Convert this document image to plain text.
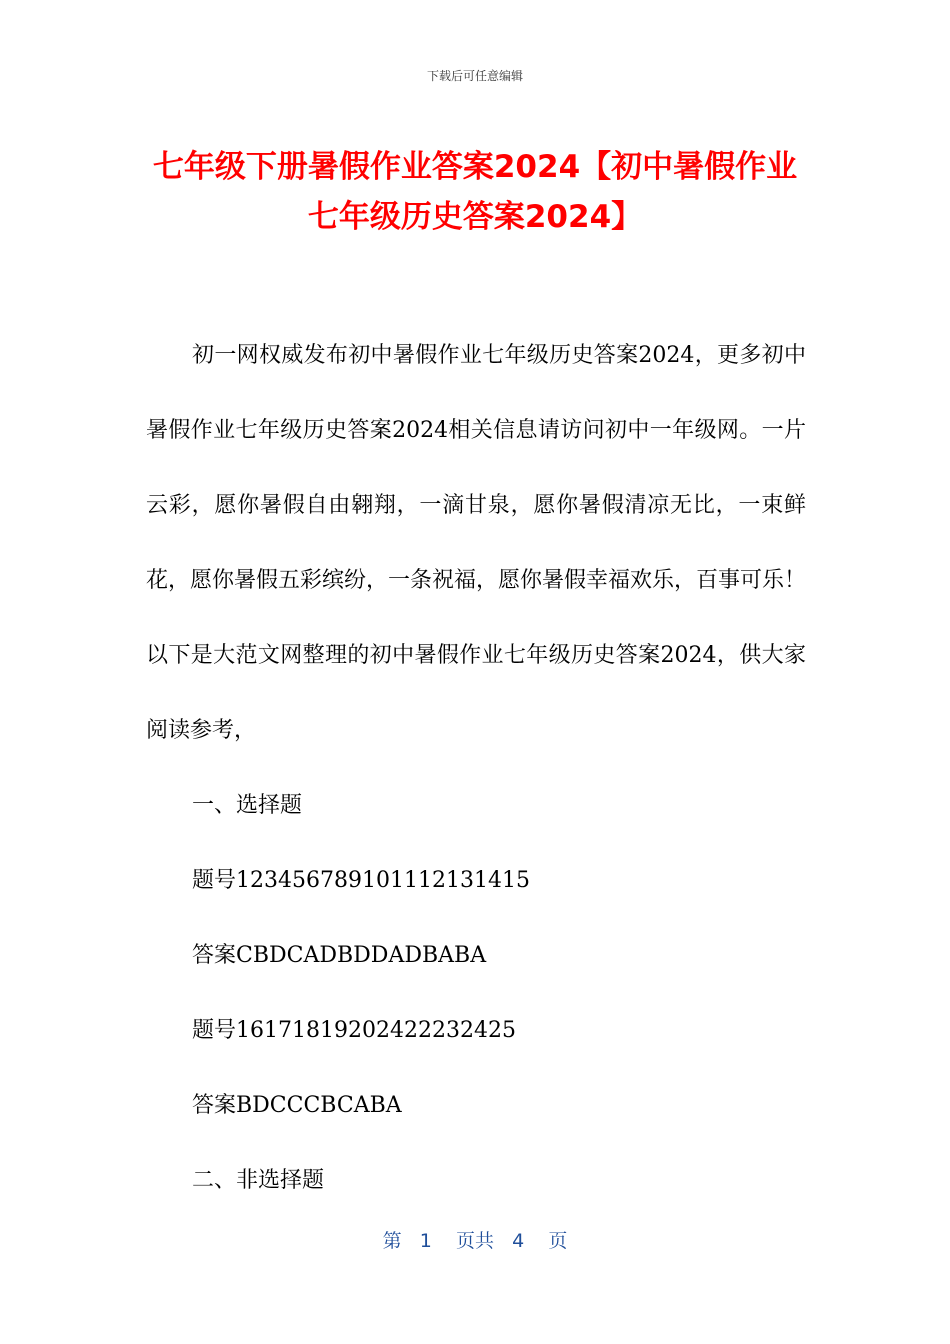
下载后可任意编辑
七年级下册暑假作业答案2024【初中暑假作业七年级历史答案2024】

初一网权威发布初中暑假作业七年级历史答案2024，更多初中暑假作业七年级历史答案2024相关信息请访问初中一年级网。一片云彩，愿你暑假自由翱翔，一滴甘泉，愿你暑假清凉无比，一束鲜花，愿你暑假五彩缤纷，一条祝福，愿你暑假幸福欢乐，百事可乐！以下是大范文网整理的初中暑假作业七年级历史答案2024，供大家阅读参考，

一、选择题

题号123456789101112131415

答案CBDCADBDDADBABA

题号16171819202422232425

答案BDCCCBCABA

二、非选择题

第 1 页共 4 页
